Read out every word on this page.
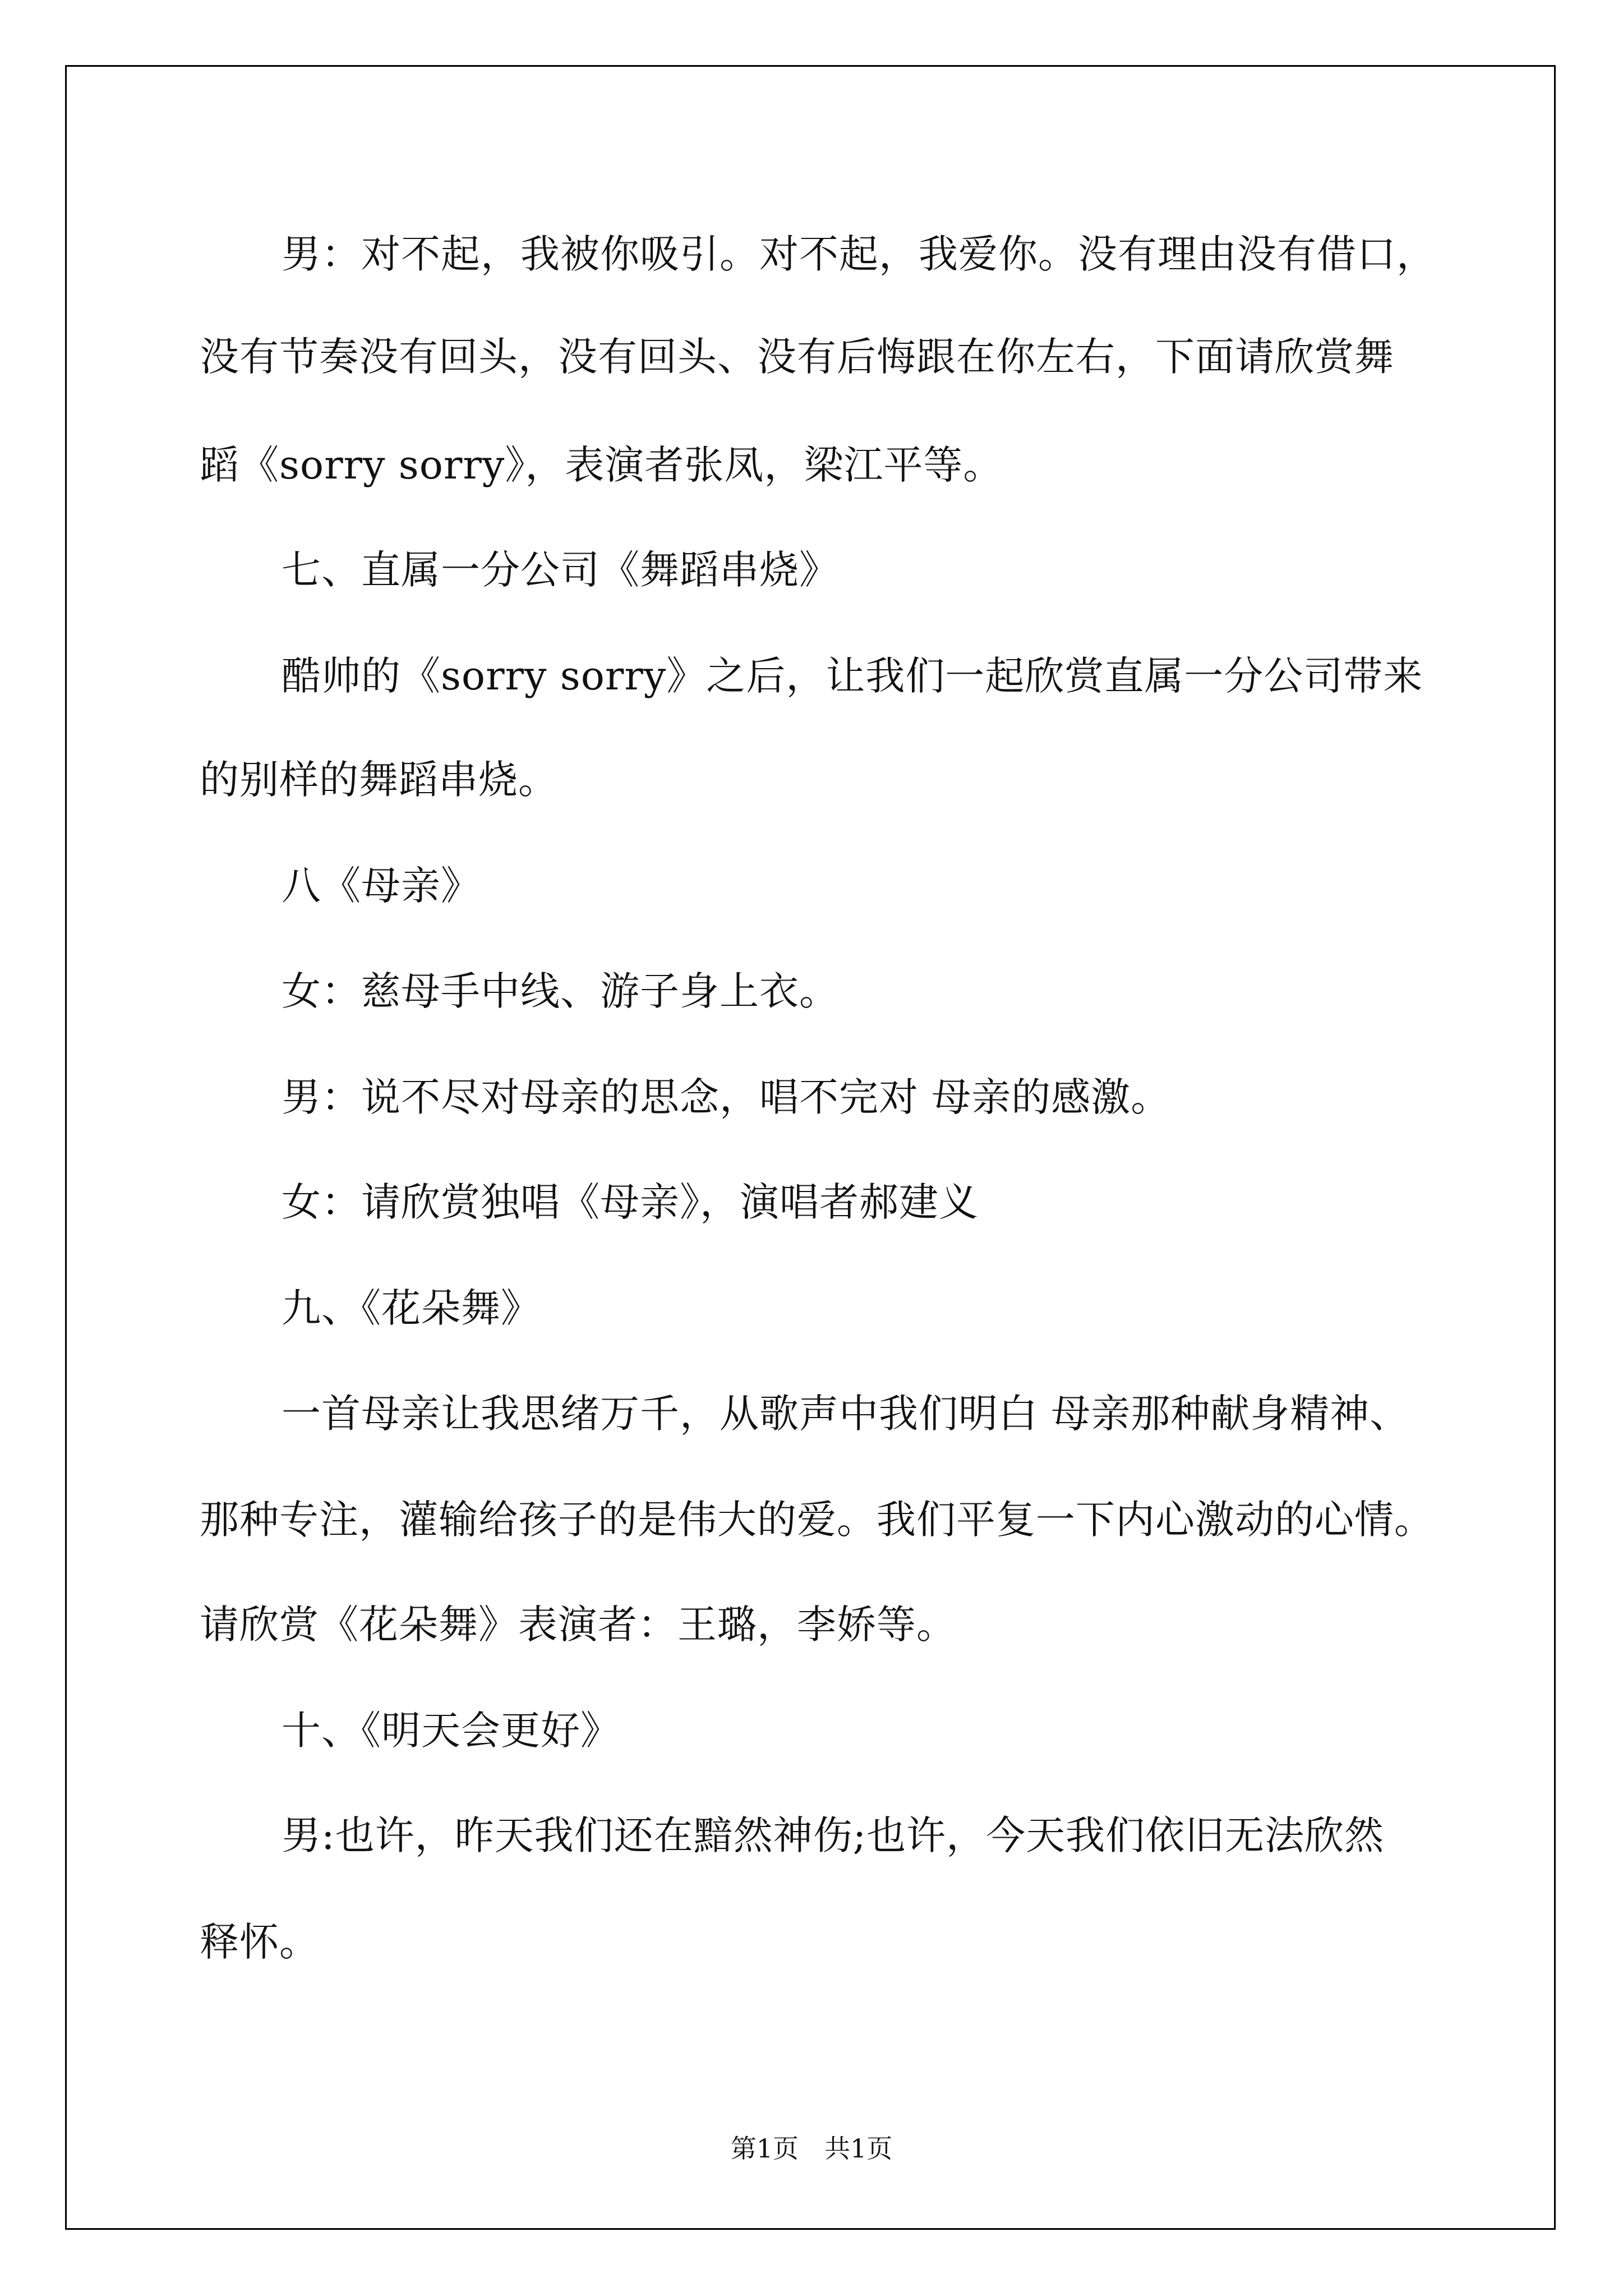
男：对不起，我被你吸引。对不起，我爱你。没有理由没有借口，
没有节奏没有回头，没有回头、没有后悔跟在你左右，下面请欣赏舞
蹈《sorry sorry》，表演者张凤，梁江平等。
七、直属一分公司《舞蹈串烧》
酷帅的《sorry sorry》之后，让我们一起欣赏直属一分公司带来
的别样的舞蹈串烧。
八《母亲》
女：慈母手中线、游子身上衣。
男：说不尽对母亲的思念，唱不完对 母亲的感激。
女：请欣赏独唱《母亲》，演唱者郝建义
九、《花朵舞》
一首母亲让我思绪万千，从歌声中我们明白 母亲那种献身精神、
那种专注，灌输给孩子的是伟大的爱。我们平复一下内心激动的心情。
请欣赏《花朵舞》表演者：王璐，李娇等。
十、《明天会更好》
男:也许，昨天我们还在黯然神伤;也许，今天我们依旧无法欣然
释怀。
第1页　共1页
